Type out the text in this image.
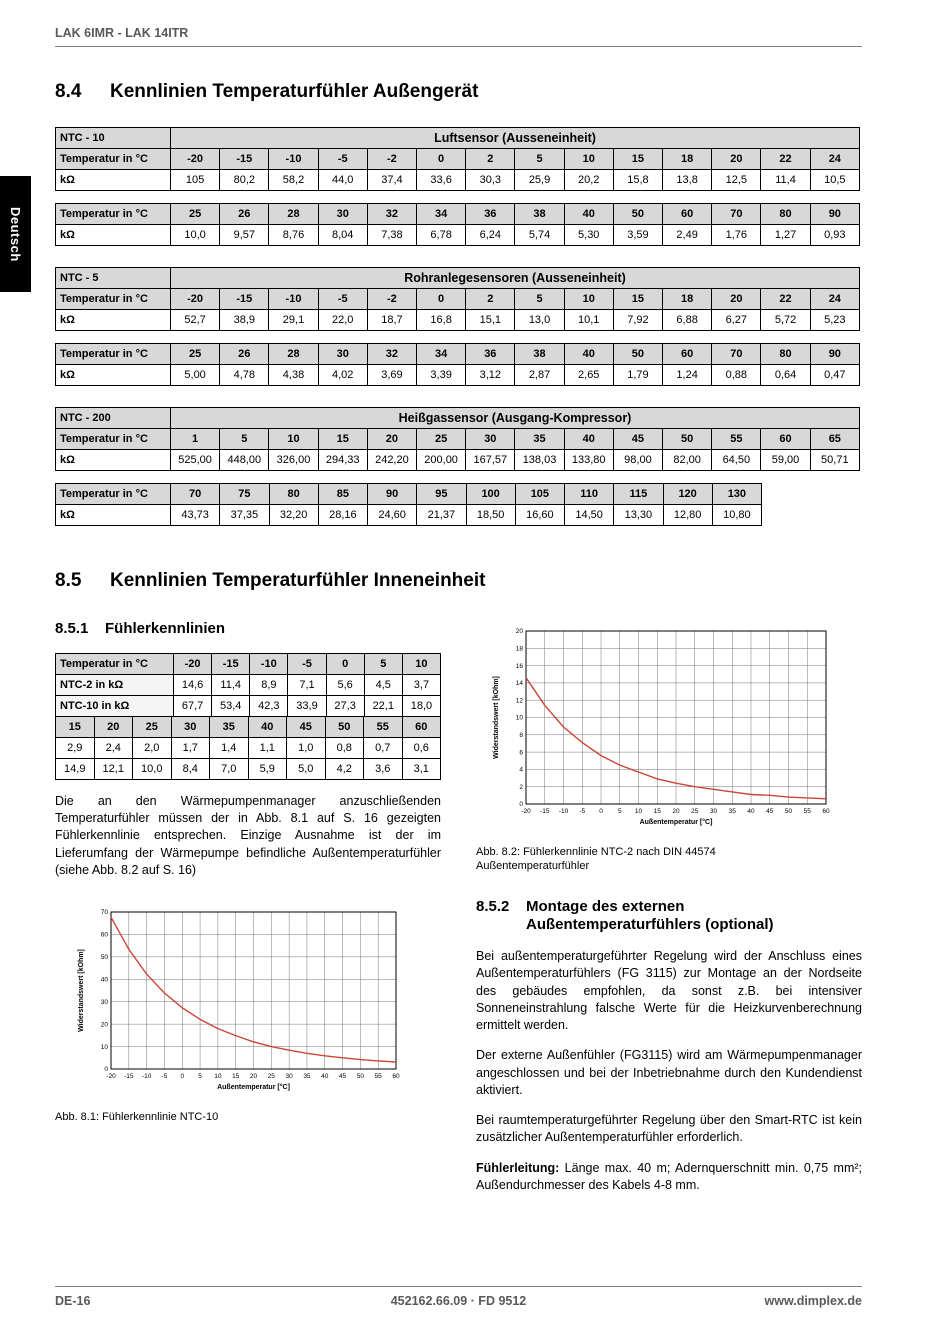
Deutsch
LAK 6IMR - LAK 14ITR
8.4	Kennlinien Temperaturfühler Außengerät
NTC - 10	Luftsensor (Ausseneinheit)													
Temperatur in °C	-20	-15	-10	-5	-2	0	2	5	10	15	18	20	22	24
kΩ	105	80,2	58,2	44,0	37,4	33,6	30,3	25,9	20,2	15,8	13,8	12,5	11,4	10,5
Temperatur in °C	25	26	28	30	32	34	36	38	40	50	60	70	80	90
kΩ	10,0	9,57	8,76	8,04	7,38	6,78	6,24	5,74	5,30	3,59	2,49	1,76	1,27	0,93
NTC - 5	Rohranlegesensoren (Ausseneinheit)													
Temperatur in °C	-20	-15	-10	-5	-2	0	2	5	10	15	18	20	22	24
kΩ	52,7	38,9	29,1	22,0	18,7	16,8	15,1	13,0	10,1	7,92	6,88	6,27	5,72	5,23
Temperatur in °C	25	26	28	30	32	34	36	38	40	50	60	70	80	90
kΩ	5,00	4,78	4,38	4,02	3,69	3,39	3,12	2,87	2,65	1,79	1,24	0,88	0,64	0,47
NTC - 200	Heißgassensor (Ausgang-Kompressor)													
Temperatur in °C	1	5	10	15	20	25	30	35	40	45	50	55	60	65
kΩ	525,00	448,00	326,00	294,33	242,20	200,00	167,57	138,03	133,80	98,00	82,00	64,50	59,00	50,71
Temperatur in °C	70	75	80	85	90	95	100	105	110	115	120	130
kΩ	43,73	37,35	32,20	28,16	24,60	21,37	18,50	16,60	14,50	13,30	12,80	10,80
8.5	Kennlinien Temperaturfühler Inneneinheit
8.5.1	Fühlerkennlinien
Temperatur in °C	-20	-15	-10	-5	0	5	10
NTC-2 in kΩ	14,6	11,4	8,9	7,1	5,6	4,5	3,7
NTC-10 in kΩ	67,7	53,4	42,3	33,9	27,3	22,1	18,0
15	20	25	30	35	40	45	50	55	60
2,9	2,4	2,0	1,7	1,4	1,1	1,0	0,8	0,7	0,6
14,9	12,1	10,0	8,4	7,0	5,9	5,0	4,2	3,6	3,1

Die an den Wärmepumpenmanager anzuschließenden Temperaturfühler müssen der in Abb. 8.1 auf S. 16 gezeigten Fühlerkennlinie entsprechen. Einzige Ausnahme ist der im Lieferumfang der Wärmepumpe befindliche Außentemperaturfühler (siehe Abb. 8.2 auf S. 16)

-20 -15 -10 -5 0 5 10 15 20 25 30 35 40 45 50 55 60
0
10
20
30
40
50
60
70
Außentemperatur [°C]
Widerstandswert [kOhm]
Abb. 8.1: Fühlerkennlinie NTC-10
-20 -15 -10 -5 0 5 10 15 20 25 30 35 40 45 50 55 60
0
2
4
6
8
10
12
14
16
18
20
Außentemperatur [°C]
Widerstandswert [kOhm]
Abb. 8.2: Fühlerkennlinie NTC-2 nach DIN 44574
Außentemperaturfühler
8.5.2	Montage des externen Außentemperaturfühlers (optional)

Bei außentemperaturgeführter Regelung wird der Anschluss eines Außentemperaturfühlers (FG 3115) zur Montage an der Nordseite des gebäudes empfohlen, da sonst z.B. bei intensiver Sonneneinstrahlung falsche Werte für die Heizkurvenberechnung ermittelt werden.

Der externe Außenfühler (FG3115) wird am Wärmepumpenmanager angeschlossen und bei der Inbetriebnahme durch den Kundendienst aktiviert.

Bei raumtemperaturgeführter Regelung über den Smart-RTC ist kein zusätzlicher Außentemperaturfühler erforderlich.

Fühlerleitung: Länge max. 40 m; Adernquerschnitt min. 0,75 mm²; Außendurchmesser des Kabels 4-8 mm.

DE-16	452162.66.09 · FD 9512	www.dimplex.de
